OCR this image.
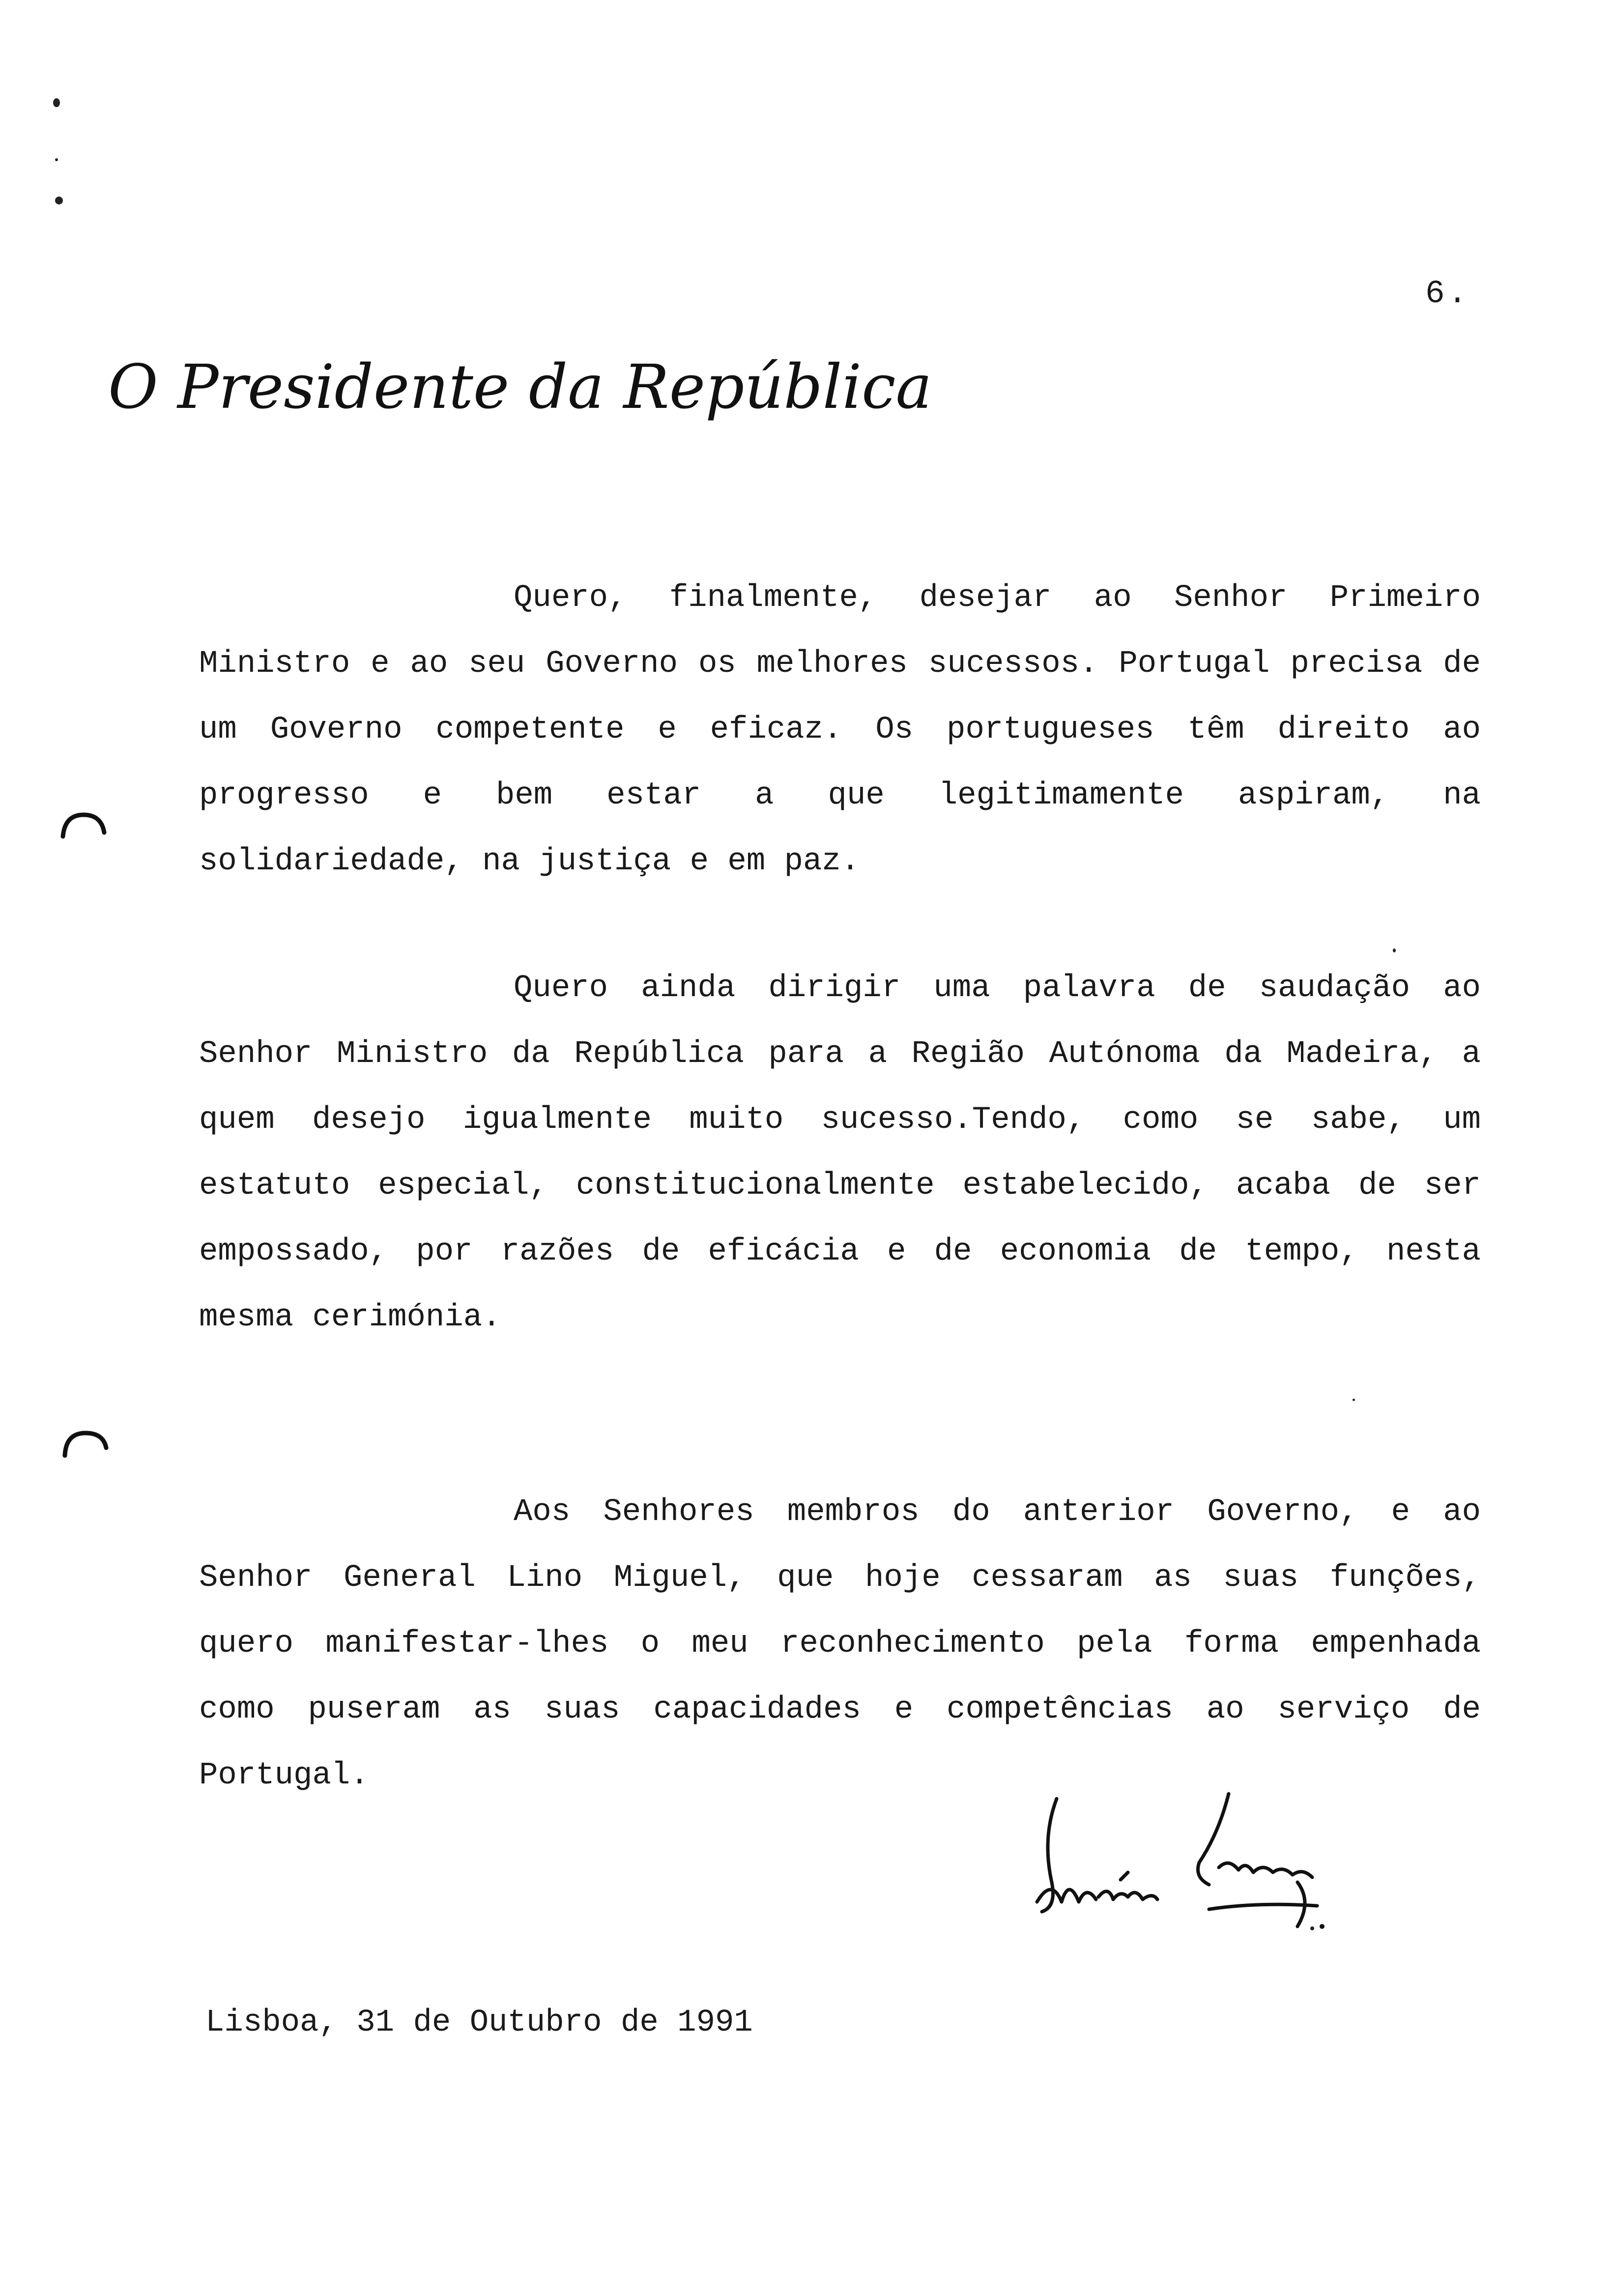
6.
O Presidente da República

Quero, finalmente, desejar ao Senhor Primeiro Ministro e ao seu Governo os melhores sucessos. Portugal precisa de um Governo competente e eficaz. Os portugueses têm direito ao progresso e bem estar a que legitimamente aspiram, na solidariedade, na justiça e em paz.

Quero ainda dirigir uma palavra de saudação ao Senhor Ministro da República para a Região Autónoma da Madeira, a quem desejo igualmente muito sucesso.Tendo, como se sabe, um estatuto especial, constitucionalmente estabelecido, acaba de ser empossado, por razões de eficácia e de economia de tempo, nesta mesma cerimónia.

Aos Senhores membros do anterior Governo, e ao Senhor General Lino Miguel, que hoje cessaram as suas funções, quero manifestar-lhes o meu reconhecimento pela forma empenhada como puseram as suas capacidades e competências ao serviço de Portugal.

Lisboa, 31 de Outubro de 1991
